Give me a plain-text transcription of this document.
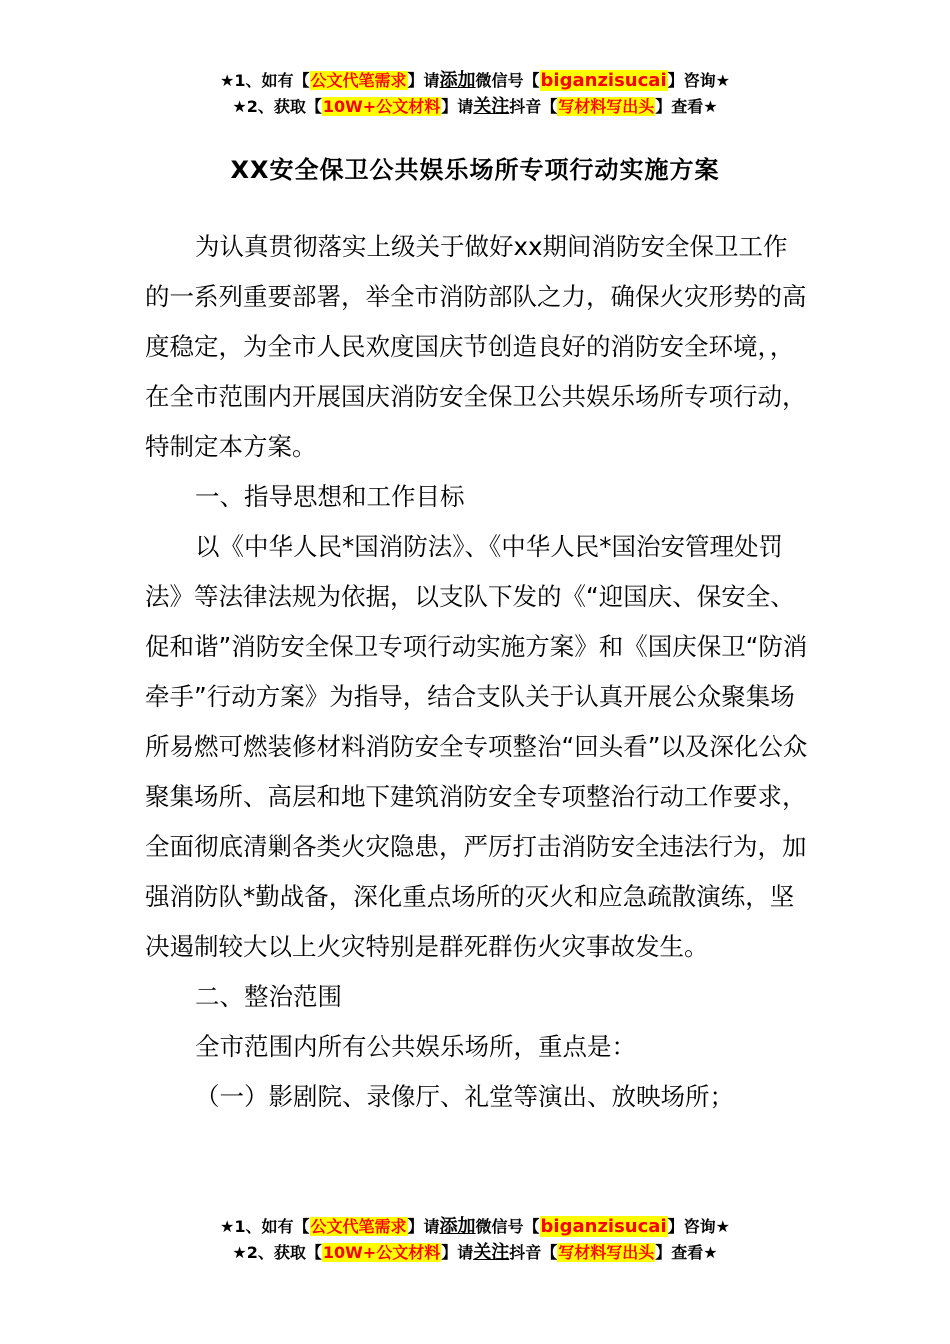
★1、如有【公文代笔需求】请添加微信号【biganzisucai】咨询★
★2、获取【10W+公文材料】请关注抖音【写材料写出头】查看★
XX安全保卫公共娱乐场所专项行动实施方案

为认真贯彻落实上级关于做好xx期间消防安全保卫工作的一系列重要部署，举全市消防部队之力，确保火灾形势的高度稳定，为全市人民欢度国庆节创造良好的消防安全环境，，在全市范围内开展国庆消防安全保卫公共娱乐场所专项行动，特制定本方案。

一、指导思想和工作目标

以《中华人民*国消防法》、《中华人民*国治安管理处罚法》等法律法规为依据，以支队下发的《“迎国庆、保安全、促和谐”消防安全保卫专项行动实施方案》和《国庆保卫“防消牵手”行动方案》为指导，结合支队关于认真开展公众聚集场所易燃可燃装修材料消防安全专项整治“回头看”以及深化公众聚集场所、高层和地下建筑消防安全专项整治行动工作要求，全面彻底清剿各类火灾隐患，严厉打击消防安全违法行为，加强消防队*勤战备，深化重点场所的灭火和应急疏散演练，坚决遏制较大以上火灾特别是群死群伤火灾事故发生。

二、整治范围

全市范围内所有公共娱乐场所，重点是：

（一）影剧院、录像厅、礼堂等演出、放映场所；

★1、如有【公文代笔需求】请添加微信号【biganzisucai】咨询★
★2、获取【10W+公文材料】请关注抖音【写材料写出头】查看★
